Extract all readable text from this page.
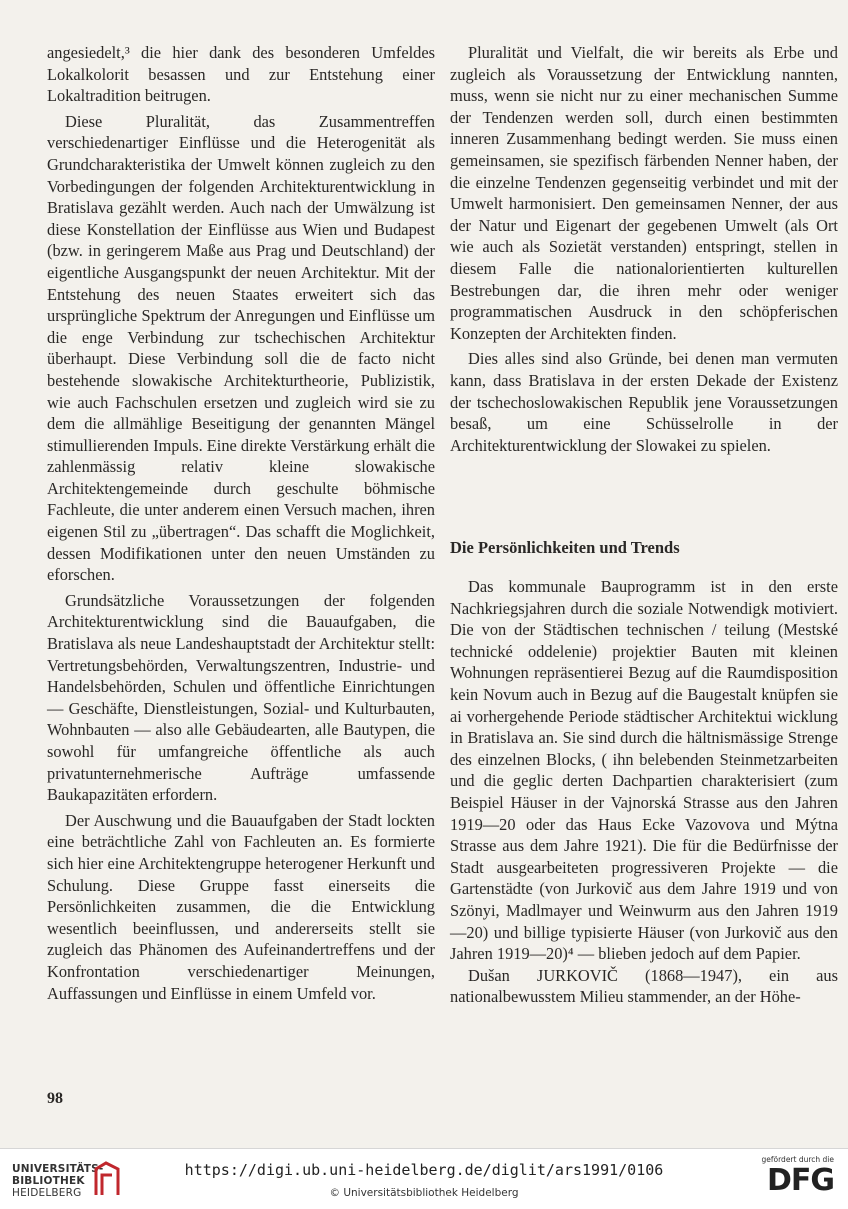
angesiedelt,³ die hier dank des besonderen Umfeldes Lokalkolorit besassen und zur Entstehung einer Lokaltradition beitrugen.

Diese Pluralität, das Zusammentreffen verschiedenartiger Einflüsse und die Heterogenität als Grundcharakteristika der Umwelt können zugleich zu den Vorbedingungen der folgenden Architekturentwicklung in Bratislava gezählt werden. Auch nach der Umwälzung ist diese Konstellation der Einflüsse aus Wien und Budapest (bzw. in geringerem Maße aus Prag und Deutschland) der eigentliche Ausgangspunkt der neuen Architektur. Mit der Entstehung des neuen Staates erweitert sich das ursprüngliche Spektrum der Anregungen und Einflüsse um die enge Verbindung zur tschechischen Architektur überhaupt. Diese Verbindung soll die de facto nicht bestehende slowakische Architekturtheorie, Publizistik, wie auch Fachschulen ersetzen und zugleich wird sie zu dem die allmählige Beseitigung der genannten Mängel stimullierenden Impuls. Eine direkte Verstärkung erhält die zahlenmässig relativ kleine slowakische Architektengemeinde durch geschulte böhmische Fachleute, die unter anderem einen Versuch machen, ihren eigenen Stil zu „übertragen“. Das schafft die Moglichkeit, dessen Modifikationen unter den neuen Umständen zu eforschen.

Grundsätzliche Voraussetzungen der folgenden Architekturentwicklung sind die Bauaufgaben, die Bratislava als neue Landeshauptstadt der Architektur stellt: Vertretungsbehörden, Verwaltungszentren, Industrie- und Handelsbehörden, Schulen und öffentliche Einrichtungen — Geschäfte, Dienstleistungen, Sozial- und Kulturbauten, Wohnbauten — also alle Gebäudearten, alle Bautypen, die sowohl für umfangreiche öffentliche als auch privatunternehmerische Aufträge umfassende Baukapazitäten erfordern.

Der Auschwung und die Bauaufgaben der Stadt lockten eine beträchtliche Zahl von Fachleuten an. Es formierte sich hier eine Architektengruppe heterogener Herkunft und Schulung. Diese Gruppe fasst einerseits die Persönlichkeiten zusammen, die die Entwicklung wesentlich beeinflussen, und andererseits stellt sie zugleich das Phänomen des Aufeinandertreffens und der Konfrontation verschiedenartiger Meinungen, Auffassungen und Einflüsse in einem Umfeld vor.

Pluralität und Vielfalt, die wir bereits als Erbe und zugleich als Voraussetzung der Entwicklung nannten, muss, wenn sie nicht nur zu einer mechanischen Summe der Tendenzen werden soll, durch einen bestimmten inneren Zusammenhang bedingt werden. Sie muss einen gemeinsamen, sie spezifisch färbenden Nenner haben, der die einzelne Tendenzen gegenseitig verbindet und mit der Umwelt harmonisiert. Den gemeinsamen Nenner, der aus der Natur und Eigenart der gegebenen Umwelt (als Ort wie auch als Sozietät verstanden) entspringt, stellen in diesem Falle die nationalorientierten kulturellen Bestrebungen dar, die ihren mehr oder weniger programmatischen Ausdruck in den schöpferischen Konzepten der Architekten finden.

Dies alles sind also Gründe, bei denen man vermuten kann, dass Bratislava in der ersten Dekade der Existenz der tschechoslowakischen Republik jene Voraussetzungen besaß, um eine Schüsselrolle in der Architekturentwicklung der Slowakei zu spielen.

Die Persönlichkeiten und Trends

Das kommunale Bauprogramm ist in den erste Nachkriegsjahren durch die soziale Notwendigk motiviert. Die von der Städtischen technischen / teilung (Mestské technické oddelenie) projektier Bauten mit kleinen Wohnungen repräsentierei Bezug auf die Raumdisposition kein Novum auch in Bezug auf die Baugestalt knüpfen sie ai vorhergehende Periode städtischer Architektui wicklung in Bratislava an. Sie sind durch die hältnismässige Strenge des einzelnen Blocks, ( ihn belebenden Steinmetzarbeiten und die geglic derten Dachpartien charakterisiert (zum Beispiel Häuser in der Vajnorská Strasse aus den Jahren 1919—20 oder das Haus Ecke Vazovova und Mýtna Strasse aus dem Jahre 1921). Die für die Bedürfnisse der Stadt ausgearbeiteten progressiveren Projekte — die Gartenstädte (von Jurkovič aus dem Jahre 1919 und von Szönyi, Madlmayer und Weinwurm aus den Jahren 1919—20) und billige typisierte Häuser (von Jurkovič aus den Jahren 1919—20)⁴ — blieben jedoch auf dem Papier.

Dušan JURKOVIČ (1868—1947), ein aus nationalbewusstem Milieu stammender, an der Höhe-

98
UNIVERSITÄTS-
BIBLIOTHEK
HEIDELBERG
https://digi.ub.uni-heidelberg.de/diglit/ars1991/0106
© Universitätsbibliothek Heidelberg
gefördert durch die
DFG
